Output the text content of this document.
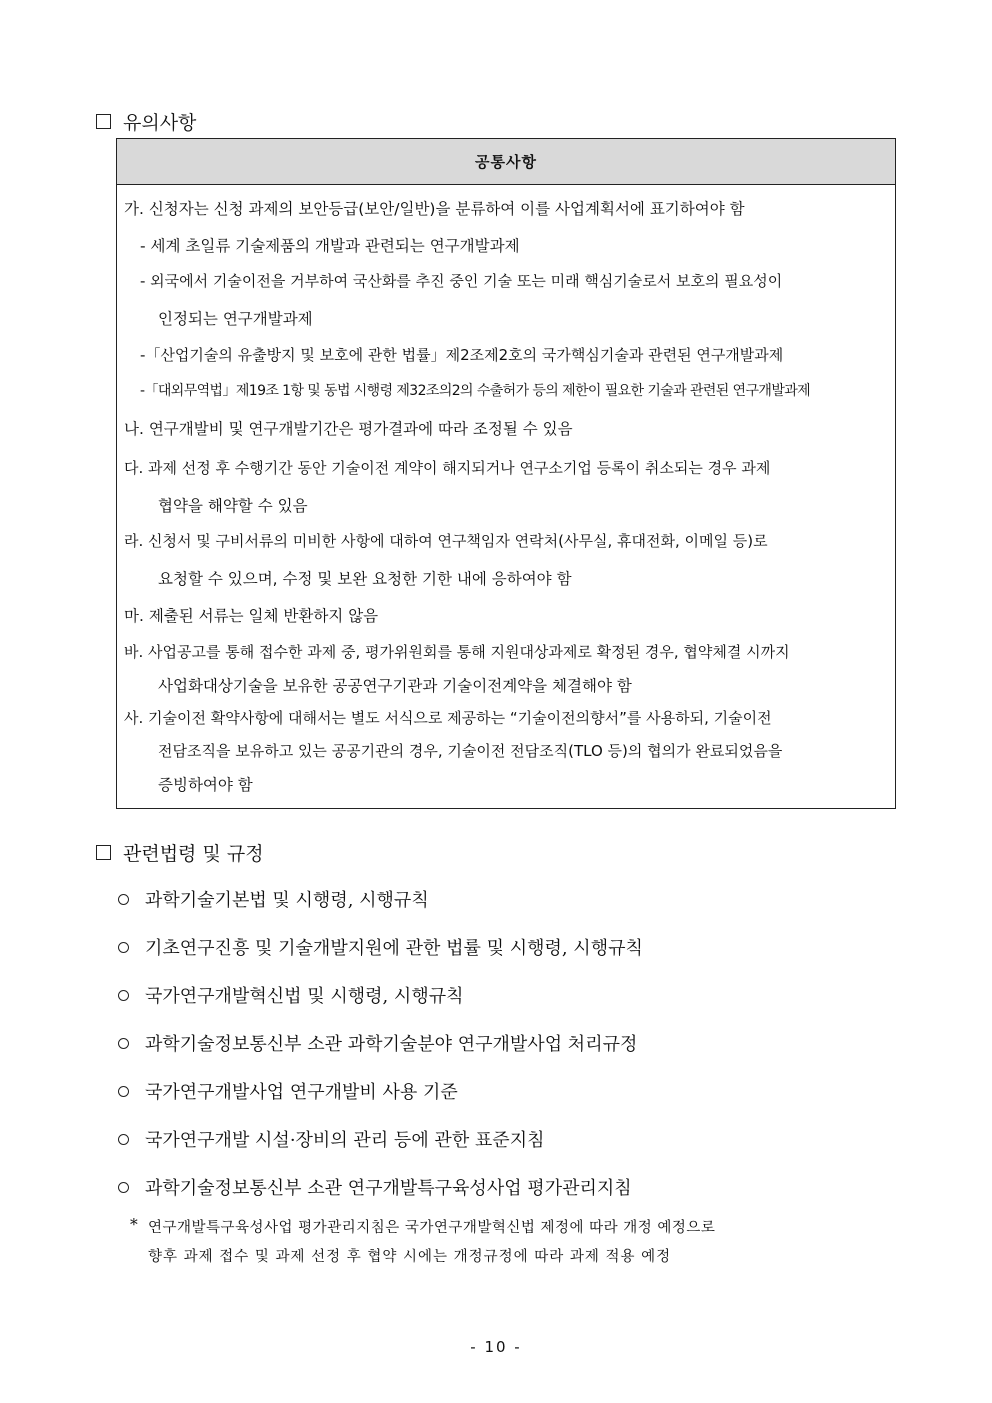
유의사항
공통사항
가. 신청자는 신청 과제의 보안등급(보안/일반)을 분류하여 이를 사업계획서에 표기하여야 함
- 세계 초일류 기술제품의 개발과 관련되는 연구개발과제
- 외국에서 기술이전을 거부하여 국산화를 추진 중인 기술 또는 미래 핵심기술로서 보호의 필요성이
인정되는 연구개발과제
-「산업기술의 유출방지 및 보호에 관한 법률」제2조제2호의 국가핵심기술과 관련된 연구개발과제
-「대외무역법」제19조 1항 및 동법 시행령 제32조의2의 수출허가 등의 제한이 필요한 기술과 관련된 연구개발과제
나. 연구개발비 및 연구개발기간은 평가결과에 따라 조정될 수 있음
다. 과제 선정 후 수행기간 동안 기술이전 계약이 해지되거나 연구소기업 등록이 취소되는 경우 과제
협약을 해약할 수 있음
라. 신청서 및 구비서류의 미비한 사항에 대하여 연구책임자 연락처(사무실, 휴대전화, 이메일 등)로
요청할 수 있으며, 수정 및 보완 요청한 기한 내에 응하여야 함
마. 제출된 서류는 일체 반환하지 않음
바. 사업공고를 통해 접수한 과제 중, 평가위원회를 통해 지원대상과제로 확정된 경우, 협약체결 시까지
사업화대상기술을 보유한 공공연구기관과 기술이전계약을 체결해야 함
사. 기술이전 확약사항에 대해서는 별도 서식으로 제공하는 “기술이전의향서”를 사용하되, 기술이전
전담조직을 보유하고 있는 공공기관의 경우, 기술이전 전담조직(TLO 등)의 협의가 완료되었음을
증빙하여야 함
관련법령 및 규정
과학기술기본법 및 시행령, 시행규칙
기초연구진흥 및 기술개발지원에 관한 법률 및 시행령, 시행규칙
국가연구개발혁신법 및 시행령, 시행규칙
과학기술정보통신부 소관 과학기술분야 연구개발사업 처리규정
국가연구개발사업 연구개발비 사용 기준
국가연구개발 시설·장비의 관리 등에 관한 표준지침
과학기술정보통신부 소관 연구개발특구육성사업 평가관리지침
* 연구개발특구육성사업 평가관리지침은 국가연구개발혁신법 제정에 따라 개정 예정으로
향후 과제 접수 및 과제 선정 후 협약 시에는 개정규정에 따라 과제 적용 예정
- 10 -
